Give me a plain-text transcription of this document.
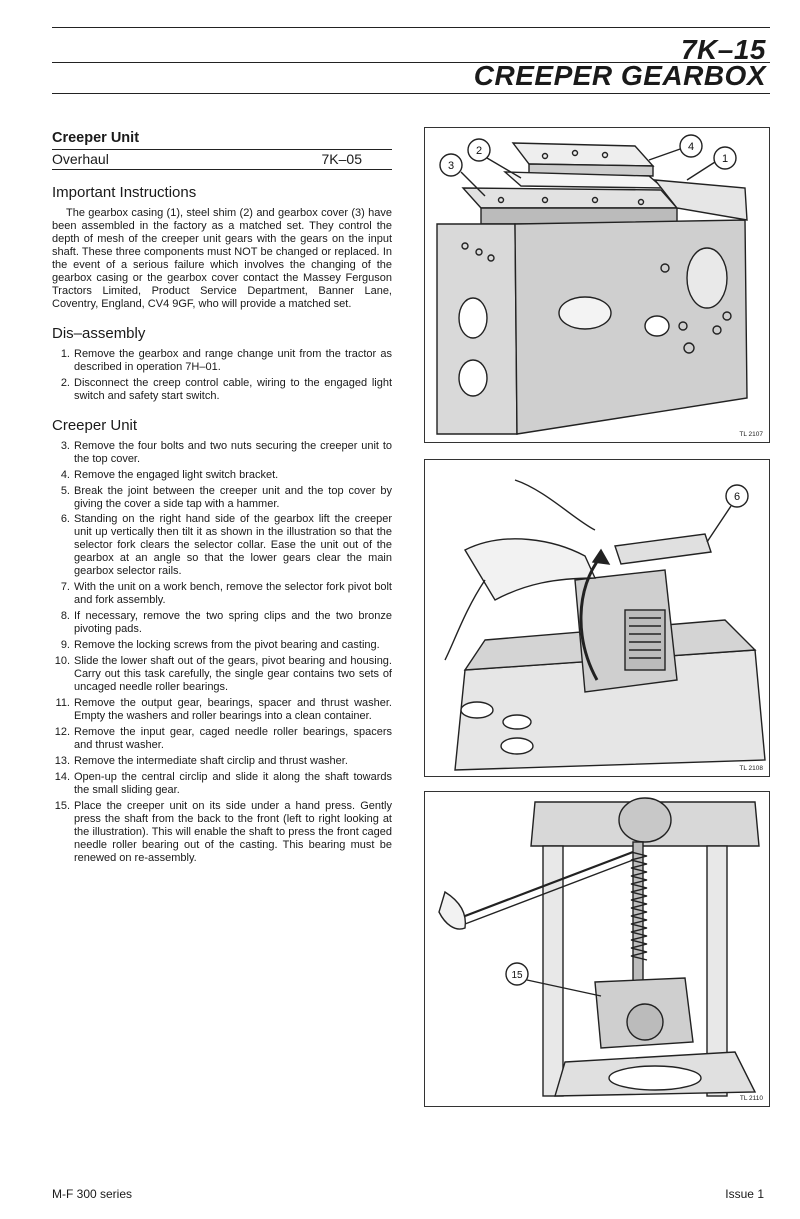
7K–15
CREEPER GEARBOX

Creeper Unit

Overhaul	7K–05
Important Instructions

The gearbox casing (1), steel shim (2) and gearbox cover (3) have been assembled in the factory as a matched set. They control the depth of mesh of the creeper unit gears with the gears on the input shaft. These three components must NOT be changed or replaced. In the event of a serious failure which involves the changing of the gearbox casing or the gearbox cover contact the Massey Ferguson Tractors Limited, Product Service Department, Banner Lane, Coventry, England, CV4 9GF, who will provide a matched set.

Dis–assembly
1. Remove the gearbox and range change unit from the tractor as described in operation 7H–01.
2. Disconnect the creep control cable, wiring to the engaged light switch and safety start switch.
Creeper Unit
3. Remove the four bolts and two nuts securing the creeper unit to the top cover.
4. Remove the engaged light switch bracket.
5. Break the joint between the creeper unit and the top cover by giving the cover a side tap with a hammer.
6. Standing on the right hand side of the gearbox lift the creeper unit up vertically then tilt it as shown in the illustration so that the selector fork clears the selector collar. Ease the unit out of the gearbox at an angle so that the lower gears clear the main gearbox selector rails.
7. With the unit on a work bench, remove the selector fork pivot bolt and fork assembly.
8. If necessary, remove the two spring clips and the two bronze pivoting pads.
9. Remove the locking screws from the pivot bearing and casting.
10. Slide the lower shaft out of the gears, pivot bearing and housing. Carry out this task carefully, the single gear contains two sets of uncaged needle roller bearings.
11. Remove the output gear, bearings, spacer and thrust washer. Empty the washers and roller bearings into a clean container.
12. Remove the input gear, caged needle roller bearings, spacers and thrust washer.
13. Remove the intermediate shaft circlip and thrust washer.
14. Open-up the central circlip and slide it along the shaft towards the small sliding gear.
15. Place the creeper unit on its side under a hand press. Gently press the shaft from the back to the front (left to right looking at the illustration). This will enable the shaft to press the front caged needle roller bearing out of the casting. This bearing must be renewed on re-assembly.
2
3
4
1
TL 2107
6
TL 2108
15
TL 2110
M-F 300 series	Issue 1
